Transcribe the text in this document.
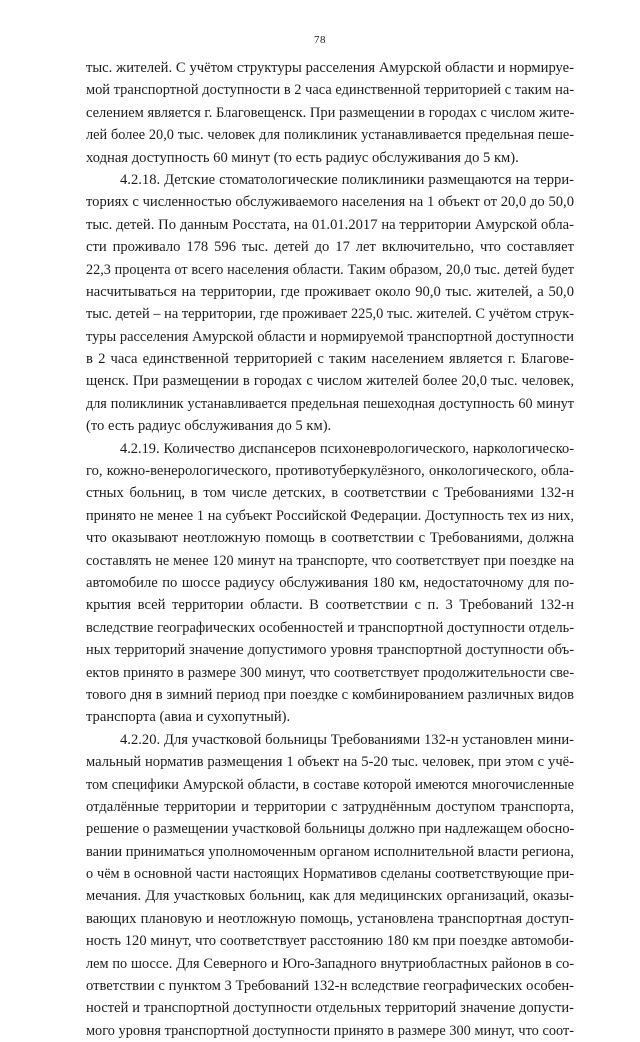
78
тыс. жителей. С учётом структуры расселения Амурской области и нормируе-
мой транспортной доступности в 2 часа единственной территорией с таким на-
селением является г. Благовещенск. При размещении в городах с числом жите-
лей более 20,0 тыс. человек для поликлиник устанавливается предельная пеше-
ходная доступность 60 минут (то есть радиус обслуживания до 5 км).
4.2.18. Детские стоматологические поликлиники размещаются на терри-
ториях с численностью обслуживаемого населения на 1 объект от 20,0 до 50,0
тыс. детей. По данным Росстата, на 01.01.2017 на территории Амурской обла-
сти проживало 178 596 тыс. детей до 17 лет включительно, что составляет
22,3 процента от всего населения области. Таким образом, 20,0 тыс. детей будет
насчитываться на территории, где проживает около 90,0 тыс. жителей, а 50,0
тыс. детей – на территории, где проживает 225,0 тыс. жителей. С учётом струк-
туры расселения Амурской области и нормируемой транспортной доступности
в 2 часа единственной территорией с таким населением является г. Благове-
щенск. При размещении в городах с числом жителей более 20,0 тыс. человек,
для поликлиник устанавливается предельная пешеходная доступность 60 минут
(то есть радиус обслуживания до 5 км).
4.2.19. Количество диспансеров психоневрологического, наркологическо-
го, кожно-венерологического, противотуберкулёзного, онкологического, обла-
стных больниц, в том числе детских, в соответствии с Требованиями 132-н
принято не менее 1 на субъект Российской Федерации. Доступность тех из них,
что оказывают неотложную помощь в соответствии с Требованиями, должна
составлять не менее 120 минут на транспорте, что соответствует при поездке на
автомобиле по шоссе радиусу обслуживания 180 км, недостаточному для по-
крытия всей территории области. В соответствии с п. 3 Требований 132-н
вследствие географических особенностей и транспортной доступности отдель-
ных территорий значение допустимого уровня транспортной доступности объ-
ектов принято в размере 300 минут, что соответствует продолжительности све-
тового дня в зимний период при поездке с комбинированием различных видов
транспорта (авиа и сухопутный).
4.2.20. Для участковой больницы Требованиями 132-н установлен мини-
мальный норматив размещения 1 объект на 5-20 тыс. человек, при этом с учё-
том специфики Амурской области, в составе которой имеются многочисленные
отдалённые территории и территории с затруднённым доступом транспорта,
решение о размещении участковой больницы должно при надлежащем обосно-
вании приниматься уполномоченным органом исполнительной власти региона,
о чём в основной части настоящих Нормативов сделаны соответствующие при-
мечания. Для участковых больниц, как для медицинских организаций, оказы-
вающих плановую и неотложную помощь, установлена транспортная доступ-
ность 120 минут, что соответствует расстоянию 180 км при поездке автомоби-
лем по шоссе. Для Северного и Юго-Западного внутриобластных районов в со-
ответствии с пунктом 3 Требований 132-н вследствие географических особен-
ностей и транспортной доступности отдельных территорий значение допусти-
мого уровня транспортной доступности принято в размере 300 минут, что соот-
